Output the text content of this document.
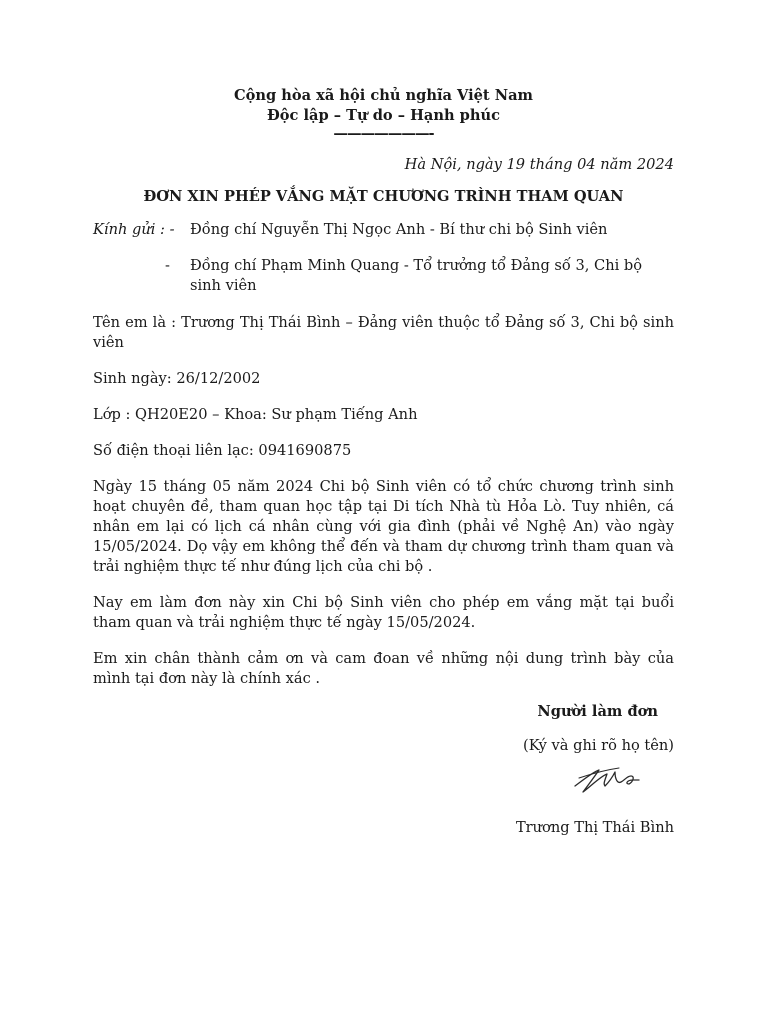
Cộng hòa xã hội chủ nghĩa Việt Nam
Độc lập – Tự do – Hạnh phúc
———————-
Hà Nội, ngày 19 tháng 04 năm 2024
ĐƠN XIN PHÉP VẮNG MẶT CHƯƠNG TRÌNH THAM QUAN
Kính gửi : -	Đồng chí Nguyễn Thị Ngọc Anh - Bí thư chi bộ Sinh viên
-	Đồng chí Phạm Minh Quang - Tổ trưởng tổ Đảng số 3, Chi bộ sinh viên
Tên em là : Trương Thị Thái Bình – Đảng viên thuộc tổ Đảng số 3, Chi bộ sinh viên
Sinh ngày: 26/12/2002
Lớp : QH20E20 – Khoa: Sư phạm Tiếng Anh
Số điện thoại liên lạc: 0941690875
Ngày 15 tháng 05 năm 2024 Chi bộ Sinh viên có tổ chức chương trình sinh hoạt chuyên đề, tham quan học tập tại Di tích Nhà tù Hỏa Lò. Tuy nhiên, cá nhân em lại có lịch cá nhân cùng với gia đình (phải về Nghệ An) vào ngày 15/05/2024. Dọ vậy em không thể đến và tham dự chương trình tham quan và trải nghiệm thực tế như đúng lịch của chi bộ .
Nay em làm đơn này xin Chi bộ Sinh viên cho phép em vắng mặt tại buổi tham quan và trải nghiệm thực tế ngày 15/05/2024.
Em xin chân thành cảm ơn và cam đoan về những nội dung trình bày của mình tại đơn này là chính xác .
Người làm đơn
(Ký và ghi rõ họ tên)
Trương Thị Thái Bình
